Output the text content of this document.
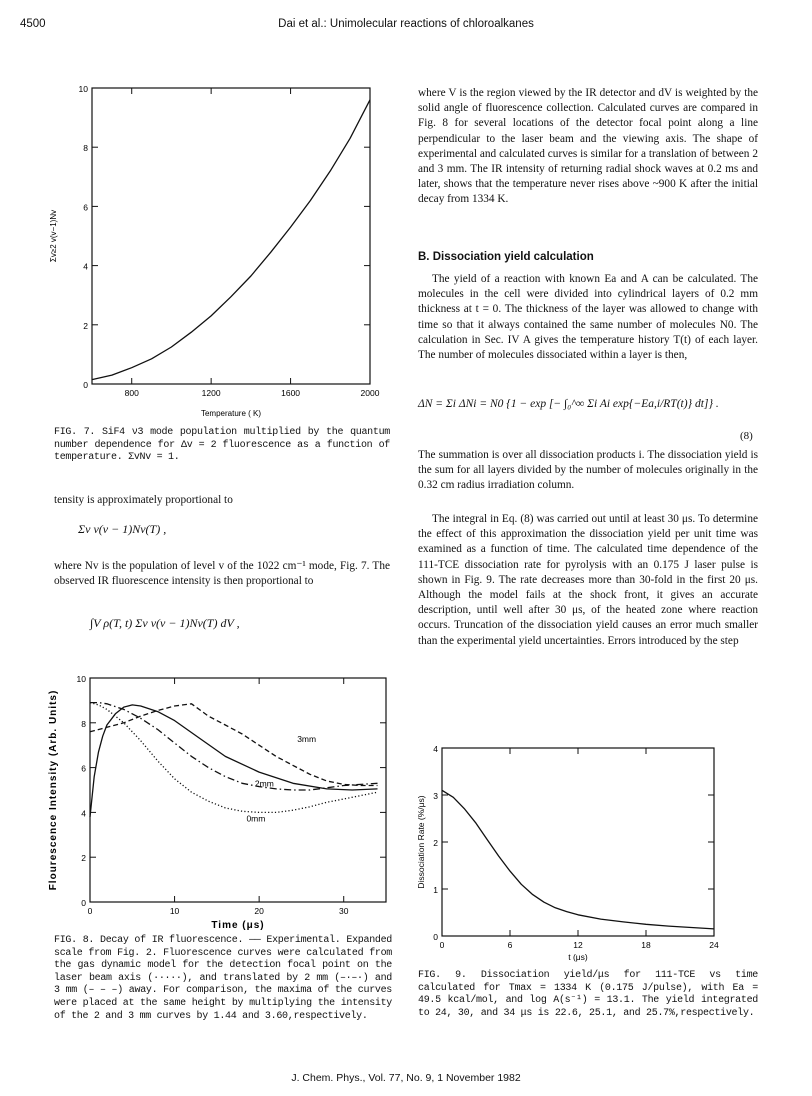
4500	Dai et al.: Unimolecular reactions of chloroalkanes
800	1200	1600	2000
0
2
4
6
8
10
Temperature ( K)
Σv≥2 v(v−1)Nv
FIG. 7. SiF4 ν3 mode population multiplied by the quantum number dependence for Δv = 2 fluorescence as a function of temperature. ΣvNv = 1.

tensity is approximately proportional to

Σv v(v − 1)Nv(T) ,

where Nv is the population of level v of the 1022 cm⁻¹ mode, Fig. 7. The observed IR fluorescence intensity is then proportional to

∫V ρ(T, t) Σv v(v − 1)Nv(T) dV ,
0	10	20	30
0
2
4
6
8
10
Time (μs)
Flourescence Intensity (Arb. Units)	3mm
2mm
0mm
FIG. 8. Decay of IR fluorescence. —— Experimental. Expanded scale from Fig. 2. Fluorescence curves were calculated from the gas dynamic model for the detection focal point on the laser beam axis (·····), and translated by 2 mm (–·–·) and 3 mm (– – –) away. For comparison, the maxima of the curves were placed at the same height by multiplying the intensity of the 2 and 3 mm curves by 1.44 and 3.60,respectively.

where V is the region viewed by the IR detector and dV is weighted by the solid angle of fluorescence collection. Calculated curves are compared in Fig. 8 for several locations of the detector focal point along a line perpendicular to the laser beam and the viewing axis. The shape of experimental and calculated curves is similar for a translation of between 2 and 3 mm. The IR intensity of returning radial shock waves at 0.2 ms and later, shows that the temperature never rises above ~900 K after the initial decay from 1334 K.

B. Dissociation yield calculation

The yield of a reaction with known Ea and A can be calculated. The molecules in the cell were divided into cylindrical layers of 0.2 mm thickness at t = 0. The thickness of the layer was allowed to change with time so that it always contained the same number of molecules N0. The calculation in Sec. IV A gives the temperature history T(t) of each layer. The number of molecules dissociated within a layer is then,

ΔN = Σi ΔNi = N0 {1 − exp [− ∫₀^∞ Σi Ai exp{−Ea,i/RT(t)} dt]} .
(8)

The summation is over all dissociation products i. The dissociation yield is the sum for all layers divided by the number of molecules originally in the 0.32 cm radius irradiation column.

The integral in Eq. (8) was carried out until at least 30 μs. To determine the effect of this approximation the dissociation yield per unit time was examined as a function of time. The calculated time dependence of the 111-TCE dissociation rate for pyrolysis with an 0.175 J laser pulse is shown in Fig. 9. The rate decreases more than 30-fold in the first 20 μs. Although the model fails at the shock front, it gives an accurate description, until well after 30 μs, of the heated zone where reaction occurs. Truncation of the dissociation yield causes an error much smaller than the experimental yield uncertainties. Errors introduced by the step

0	6	12	18	24
0
1
2
3
4
t (μs)
Dissociation Rate (%/μs)
FIG. 9. Dissociation yield/μs for 111-TCE vs time calculated for Tmax = 1334 K (0.175 J/pulse), with Ea = 49.5 kcal/mol, and log A(s⁻¹) = 13.1. The yield integrated to 24, 30, and 34 μs is 22.6, 25.1, and 25.7%,respectively.
J. Chem. Phys., Vol. 77, No. 9, 1 November 1982
